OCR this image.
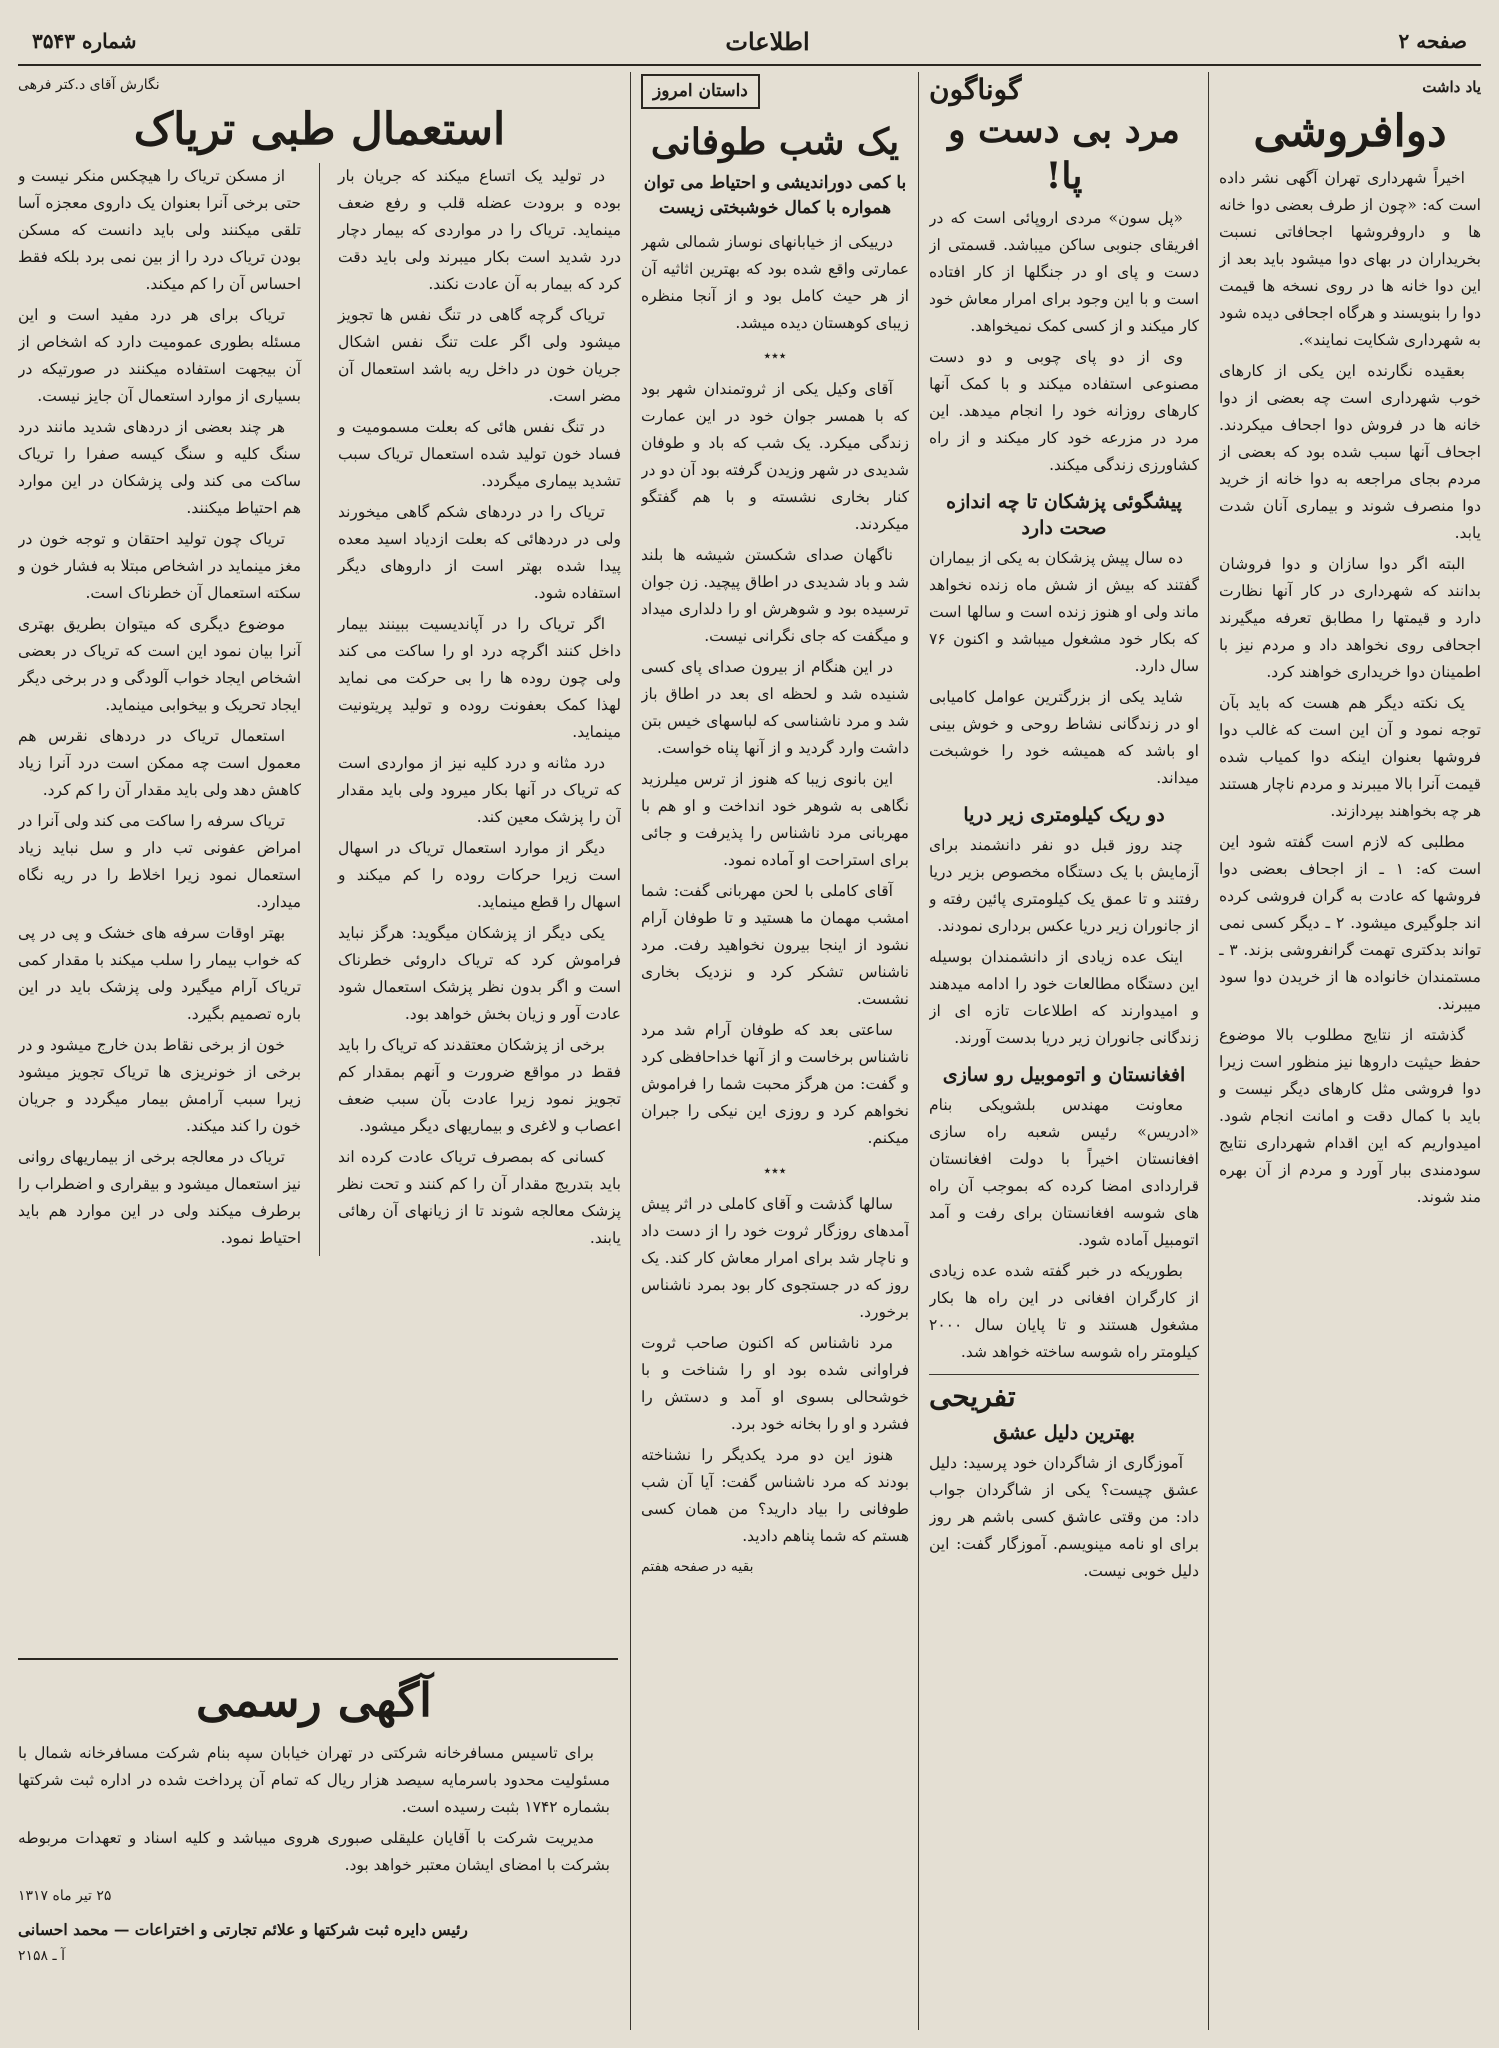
صفحه ۲
اطلاعات
شماره ۳۵۴۳
یاد داشت
دواﻓﺮوشی

اخیراً شهرداری تهران آگهی نشر داده است که: «چون از طرف بعضی دوا خانه ها و داروفروشها اجحافاتی نسبت بخریداران در بهای دوا میشود باید بعد از این دوا خانه ها در روی نسخه ها قیمت دوا را بنویسند و هرگاه اجحافی دیده شود به شهرداری شکایت نمایند».

بعقیده نگارنده این یکی از کارهای خوب شهرداری است چه بعضی از دوا خانه ها در فروش دوا اجحاف میکردند. اجحاف آنها سبب شده بود که بعضی از مردم بجای مراجعه به دوا خانه از خرید دوا منصرف شوند و بیماری آنان شدت یابد.

البته اگر دوا سازان و دوا فروشان بدانند که شهرداری در کار آنها نظارت دارد و قیمتها را مطابق تعرفه میگیرند اجحافی روی نخواهد داد و مردم نیز با اطمینان دوا خریداری خواهند کرد.

یک نکته دیگر هم هست که باید بآن توجه نمود و آن این است که غالب دوا فروشها بعنوان اینکه دوا کمیاب شده قیمت آنرا بالا میبرند و مردم ناچار هستند هر چه بخواهند بپردازند.

مطلبی که لازم است گفته شود این است که: ۱ ـ از اجحاف بعضی دوا فروشها که عادت به گران فروشی کرده اند جلوگیری میشود. ۲ ـ دیگر کسی نمی تواند بدکتری تهمت گرانفروشی بزند. ۳ ـ مستمندان خانواده ها از خریدن دوا سود میبرند.

گذشته از نتایج مطلوب بالا موضوع حفظ حیثیت داروها نیز منظور است زیرا دوا فروشی مثل کارهای دیگر نیست و باید با کمال دقت و امانت انجام شود. امیدواریم که این اقدام شهرداری نتایج سودمندی ببار آورد و مردم از آن بهره مند شوند.

گوناگون
مرد بی دست و پا!

«پل سون» مردی اروپائی است که در افریقای جنوبی ساکن میباشد. قسمتی از دست و پای او در جنگلها از کار افتاده است و با این وجود برای امرار معاش خود کار میکند و از کسی کمک نمیخواهد.

وی از دو پای چوبی و دو دست مصنوعی استفاده میکند و با کمک آنها کارهای روزانه خود را انجام میدهد. این مرد در مزرعه خود کار میکند و از راه کشاورزی زندگی میکند.

پیشگوئی پزشکان تا چه اندازه صحت دارد

ده سال پیش پزشکان به یکی از بیماران گفتند که بیش از شش ماه زنده نخواهد ماند ولی او هنوز زنده است و سالها است که بکار خود مشغول میباشد و اکنون ۷۶ سال دارد.

شاید یکی از بزرگترین عوامل کامیابی او در زندگانی نشاط روحی و خوش بینی او باشد که همیشه خود را خوشبخت میداند.

دو ریک کیلومتری زیر دریا

چند روز قبل دو نفر دانشمند برای آزمایش با یک دستگاه مخصوص بزیر دریا رفتند و تا عمق یک کیلومتری پائین رفته و از جانوران زیر دریا عکس برداری نمودند.

اینک عده زیادی از دانشمندان بوسیله این دستگاه مطالعات خود را ادامه میدهند و امیدوارند که اطلاعات تازه ای از زندگانی جانوران زیر دریا بدست آورند.

افغانستان و اتوموبیل رو سازی

معاونت مهندس بلشویکی بنام «ادریس» رئیس شعبه راه سازی افغانستان اخیراً با دولت افغانستان قراردادی امضا کرده که بموجب آن راه های شوسه افغانستان برای رفت و آمد اتومبیل آماده شود.

بطوریکه در خبر گفته شده عده زیادی از کارگران افغانی در این راه ها بکار مشغول هستند و تا پایان سال ۲۰۰۰ کیلومتر راه شوسه ساخته خواهد شد.

تفریحی
بهترین دلیل عشق

آموزگاری از شاگردان خود پرسید: دلیل عشق چیست؟ یکی از شاگردان جواب داد: من وقتی عاشق کسی باشم هر روز برای او نامه مینویسم. آموزگار گفت: این دلیل خوبی نیست.

داستان امروز
یک شب طوفانی
با کمی دوراندیشی و احتیاط می توان همواره با کمال خوشبختی زیست

درییکی از خیابانهای نوساز شمالی شهر عمارتی واقع شده بود که بهترین اثاثیه آن از هر حیث کامل بود و از آنجا منظره زیبای کوهستان دیده میشد.

٭٭٭

آقای وکیل یکی از ثروتمندان شهر بود که با همسر جوان خود در این عمارت زندگی میکرد. یک شب که باد و طوفان شدیدی در شهر وزیدن گرفته بود آن دو در کنار بخاری نشسته و با هم گفتگو میکردند.

ناگهان صدای شکستن شیشه ها بلند شد و باد شدیدی در اطاق پیچید. زن جوان ترسیده بود و شوهرش او را دلداری میداد و میگفت که جای نگرانی نیست.

در این هنگام از بیرون صدای پای کسی شنیده شد و لحظه ای بعد در اطاق باز شد و مرد ناشناسی که لباسهای خیس بتن داشت وارد گردید و از آنها پناه خواست.

این بانوی زیبا که هنوز از ترس میلرزید نگاهی به شوهر خود انداخت و او هم با مهربانی مرد ناشناس را پذیرفت و جائی برای استراحت او آماده نمود.

آقای کاملی با لحن مهربانی گفت: شما امشب مهمان ما هستید و تا طوفان آرام نشود از اینجا بیرون نخواهید رفت. مرد ناشناس تشکر کرد و نزدیک بخاری نشست.

ساعتی بعد که طوفان آرام شد مرد ناشناس برخاست و از آنها خداحافظی کرد و گفت: من هرگز محبت شما را فراموش نخواهم کرد و روزی این نیکی را جبران میکنم.

٭٭٭

سالها گذشت و آقای کاملی در اثر پیش آمدهای روزگار ثروت خود را از دست داد و ناچار شد برای امرار معاش کار کند. یک روز که در جستجوی کار بود بمرد ناشناس برخورد.

مرد ناشناس که اکنون صاحب ثروت فراوانی شده بود او را شناخت و با خوشحالی بسوی او آمد و دستش را فشرد و او را بخانه خود برد.

هنوز این دو مرد یکدیگر را نشناخته بودند که مرد ناشناس گفت: آیا آن شب طوفانی را بیاد دارید؟ من همان کسی هستم که شما پناهم دادید.

بقیه در صفحه هفتم
نگارش آقای د.کتر فرهی
استعمال طبی تریاک

در تولید یک اتساع میکند که جریان بار بوده و برودت عضله قلب و رفع ضعف مینماید. تریاک را در مواردی که بیمار دچار درد شدید است بکار میبرند ولی باید دقت کرد که بیمار به آن عادت نکند.

تریاک گرچه گاهی در تنگ نفس ها تجویز میشود ولی اگر علت تنگ نفس اشکال جریان خون در داخل ریه باشد استعمال آن مضر است.

در تنگ نفس هائی که بعلت مسمومیت و فساد خون تولید شده استعمال تریاک سبب تشدید بیماری میگردد.

تریاک را در دردهای شکم گاهی میخورند ولی در دردهائی که بعلت ازدیاد اسید معده پیدا شده بهتر است از داروهای دیگر استفاده شود.

اگر تریاک را در آپاندیسیت ببینند بیمار داخل کنند اگرچه درد او را ساکت می کند ولی چون روده ها را بی حرکت می نماید لهذا کمک بعفونت روده و تولید پریتونیت مینماید.

درد مثانه و درد کلیه نیز از مواردی است که تریاک در آنها بکار میرود ولی باید مقدار آن را پزشک معین کند.

دیگر از موارد استعمال تریاک در اسهال است زیرا حرکات روده را کم میکند و اسهال را قطع مینماید.

یکی دیگر از پزشکان میگوید: هرگز نباید فراموش کرد که تریاک داروئی خطرناک است و اگر بدون نظر پزشک استعمال شود عادت آور و زیان بخش خواهد بود.

برخی از پزشکان معتقدند که تریاک را باید فقط در مواقع ضرورت و آنهم بمقدار کم تجویز نمود زیرا عادت بآن سبب ضعف اعصاب و لاغری و بیماریهای دیگر میشود.

کسانی که بمصرف تریاک عادت کرده اند باید بتدریج مقدار آن را کم کنند و تحت نظر پزشک معالجه شوند تا از زیانهای آن رهائی یابند.

از مسکن تریاک را هیچکس منکر نیست و حتی برخی آنرا بعنوان یک داروی معجزه آسا تلقی میکنند ولی باید دانست که مسکن بودن تریاک درد را از بین نمی برد بلکه فقط احساس آن را کم میکند.

تریاک برای هر درد مفید است و این مسئله بطوری عمومیت دارد که اشخاص از آن بیجهت استفاده میکنند در صورتیکه در بسیاری از موارد استعمال آن جایز نیست.

هر چند بعضی از دردهای شدید مانند درد سنگ کلیه و سنگ کیسه صفرا را تریاک ساکت می کند ولی پزشکان در این موارد هم احتیاط میکنند.

تریاک چون تولید احتقان و توجه خون در مغز مینماید در اشخاص مبتلا به فشار خون و سکته استعمال آن خطرناک است.

موضوع دیگری که میتوان بطریق بهتری آنرا بیان نمود این است که تریاک در بعضی اشخاص ایجاد خواب آلودگی و در برخی دیگر ایجاد تحریک و بیخوابی مینماید.

استعمال تریاک در دردهای نقرس هم معمول است چه ممکن است درد آنرا زیاد کاهش دهد ولی باید مقدار آن را کم کرد.

تریاک سرفه را ساکت می کند ولی آنرا در امراض عفونی تب دار و سل نباید زیاد استعمال نمود زیرا اخلاط را در ریه نگاه میدارد.

بهتر اوقات سرفه های خشک و پی در پی که خواب بیمار را سلب میکند با مقدار کمی تریاک آرام میگیرد ولی پزشک باید در این باره تصمیم بگیرد.

خون از برخی نقاط بدن خارج میشود و در برخی از خونریزی ها تریاک تجویز میشود زیرا سبب آرامش بیمار میگردد و جریان خون را کند میکند.

تریاک در معالجه برخی از بیماریهای روانی نیز استعمال میشود و بیقراری و اضطراب را برطرف میکند ولی در این موارد هم باید احتیاط نمود.

آگهی رسمی

برای تاسیس مسافرخانه شرکتی در تهران خیابان سپه بنام شرکت مسافرخانه شمال با مسئولیت محدود باسرمایه سیصد هزار ریال که تمام آن پرداخت شده در اداره ثبت شرکتها بشماره ۱۷۴۲ بثبت رسیده است.

مدیریت شرکت با آقایان علیقلی صبوری هروی میباشد و کلیه اسناد و تعهدات مربوطه بشرکت با امضای ایشان معتبر خواهد بود.

۲۵ تیر ماه ۱۳۱۷
رئیس دایره ثبت شرکتها و علائم تجارتی و اختراعات — محمد احسانی
آ ـ ۲۱۵۸
